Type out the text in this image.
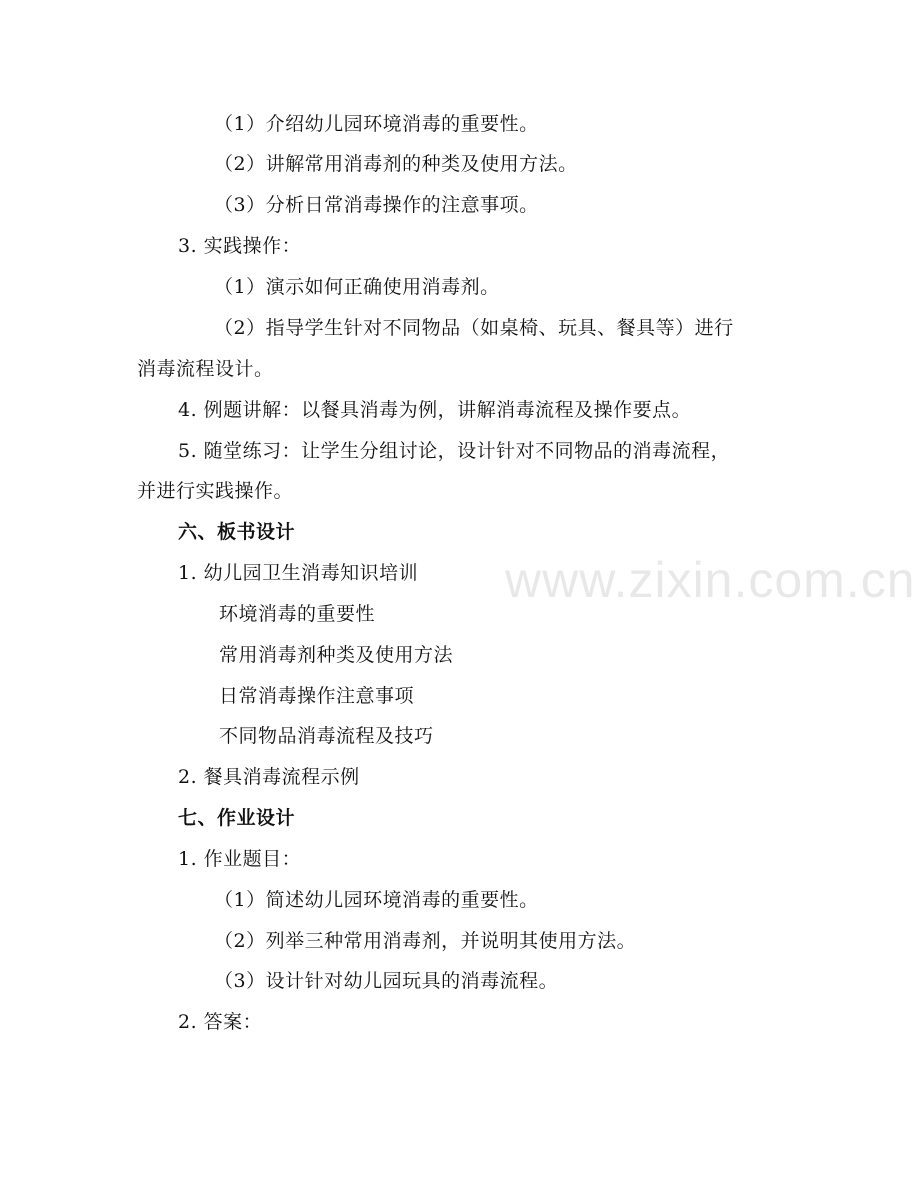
www.zixin.com.cn
（1）介绍幼儿园环境消毒的重要性。
（2）讲解常用消毒剂的种类及使用方法。
（3）分析日常消毒操作的注意事项。
3. 实践操作：
（1）演示如何正确使用消毒剂。
（2）指导学生针对不同物品（如桌椅、玩具、餐具等）进行
消毒流程设计。
4. 例题讲解：以餐具消毒为例，讲解消毒流程及操作要点。
5. 随堂练习：让学生分组讨论，设计针对不同物品的消毒流程，
并进行实践操作。
六、板书设计
1. 幼儿园卫生消毒知识培训
环境消毒的重要性
常用消毒剂种类及使用方法
日常消毒操作注意事项
不同物品消毒流程及技巧
2. 餐具消毒流程示例
七、作业设计
1. 作业题目：
（1）简述幼儿园环境消毒的重要性。
（2）列举三种常用消毒剂，并说明其使用方法。
（3）设计针对幼儿园玩具的消毒流程。
2. 答案：
